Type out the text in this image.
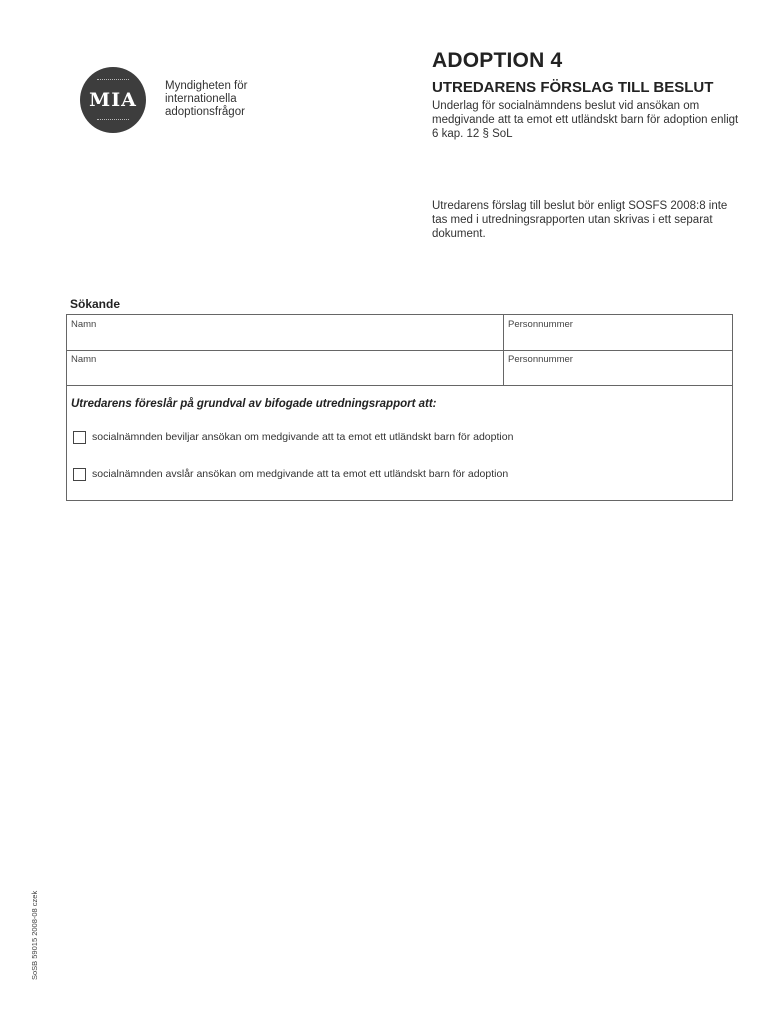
MIA
Myndigheten för
internationella
adoptionsfrågor
ADOPTION 4
UTREDARENS FÖRSLAG TILL BESLUT

Underlag för socialnämndens beslut vid ansökan om medgivande att ta emot ett utländskt barn för adoption enligt 6 kap. 12 § SoL

Utredarens förslag till beslut bör enligt SOSFS 2008:8 inte tas med i utredningsrapporten utan skrivas i ett separat dokument.

Sökande
Namn	Personnummer
Namn	Personnummer
Utredarens föreslår på grundval av bifogade utredningsrapport att:
socialnämnden beviljar ansökan om medgivande att ta emot ett utländskt barn för adoption
socialnämnden avslår ansökan om medgivande att ta emot ett utländskt barn för adoption
SoSB 59015 2008-08 czek
